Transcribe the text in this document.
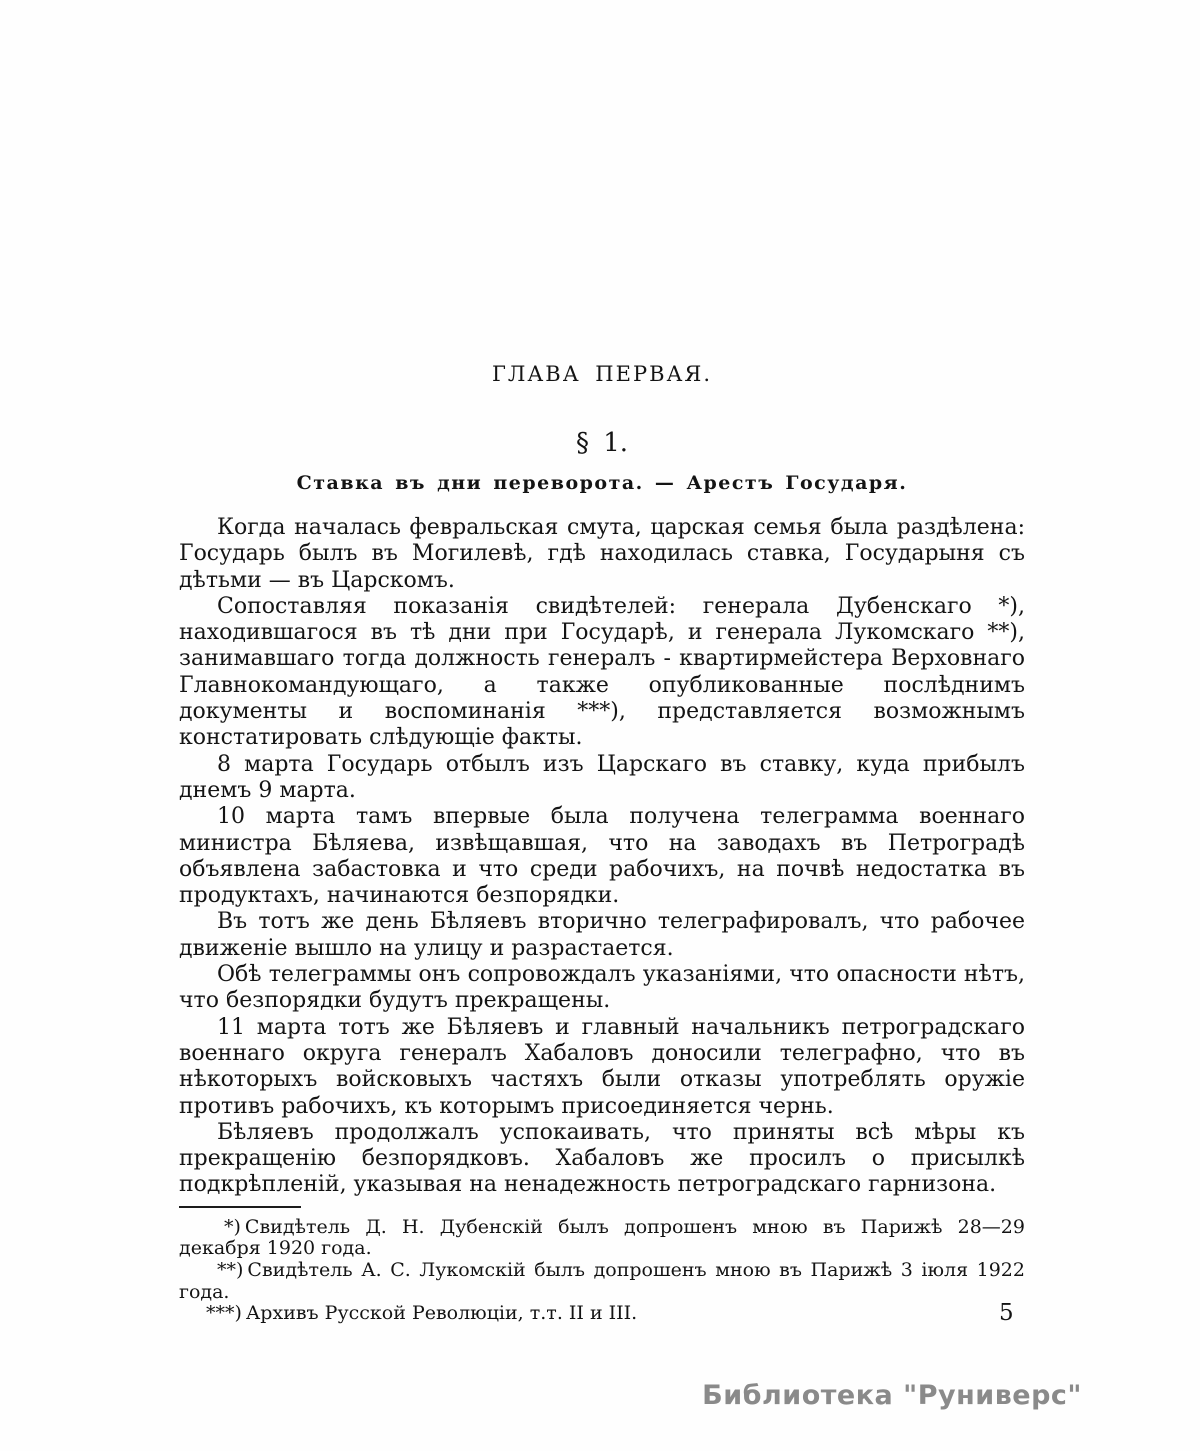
ГЛАВА ПЕРВАЯ.
§ 1.
Ставка въ дни переворота. — Арестъ Государя.

Когда началась февральская смута, царская семья была раздѣлена: Государь былъ въ Могилевѣ, гдѣ находилась ставка, Государыня съ дѣтьми — въ Царскомъ.

Сопоставляя показанія свидѣтелей: генерала Дубенскаго *), находившагося въ тѣ дни при Государѣ, и генерала Лукомскаго **), занимавшаго тогда должность генералъ - квартирмейстера Верховнаго Главнокомандующаго, а также опубликованные послѣднимъ документы и воспоминанія ***), представляется возможнымъ констатировать слѣдующіе факты.

8 марта Государь отбылъ изъ Царскаго въ ставку, куда прибылъ днемъ 9 марта.

10 марта тамъ впервые была получена телеграмма военнаго министра Бѣляева, извѣщавшая, что на заводахъ въ Петроградѣ объявлена забастовка и что среди рабочихъ, на почвѣ недостатка въ продуктахъ, начинаются безпорядки.

Въ тотъ же день Бѣляевъ вторично телеграфировалъ, что рабочее движеніе вышло на улицу и разрастается.

Обѣ телеграммы онъ сопровождалъ указаніями, что опасности нѣтъ, что безпорядки будутъ прекращены.

11 марта тотъ же Бѣляевъ и главный начальникъ петроградскаго военнаго округа генералъ Хабаловъ доносили телеграфно, что въ нѣкоторыхъ войсковыхъ частяхъ были отказы употреблять оружіе противъ рабочихъ, къ которымъ присоединяется чернь.

Бѣляевъ продолжалъ успокаивать, что приняты всѣ мѣры къ прекращенію безпорядковъ. Хабаловъ же просилъ о присылкѣ подкрѣпленій, указывая на ненадежность петроградскаго гарнизона.

*) Свидѣтель Д. Н. Дубенскій былъ допрошенъ мною въ Парижѣ 28—29 декабря 1920 года.

**) Свидѣтель А. С. Лукомскій былъ допрошенъ мною въ Парижѣ 3 іюля 1922 года.

***) Архивъ Русской Революціи, т.т. II и III.	5
Библиотека "Руниверс"
